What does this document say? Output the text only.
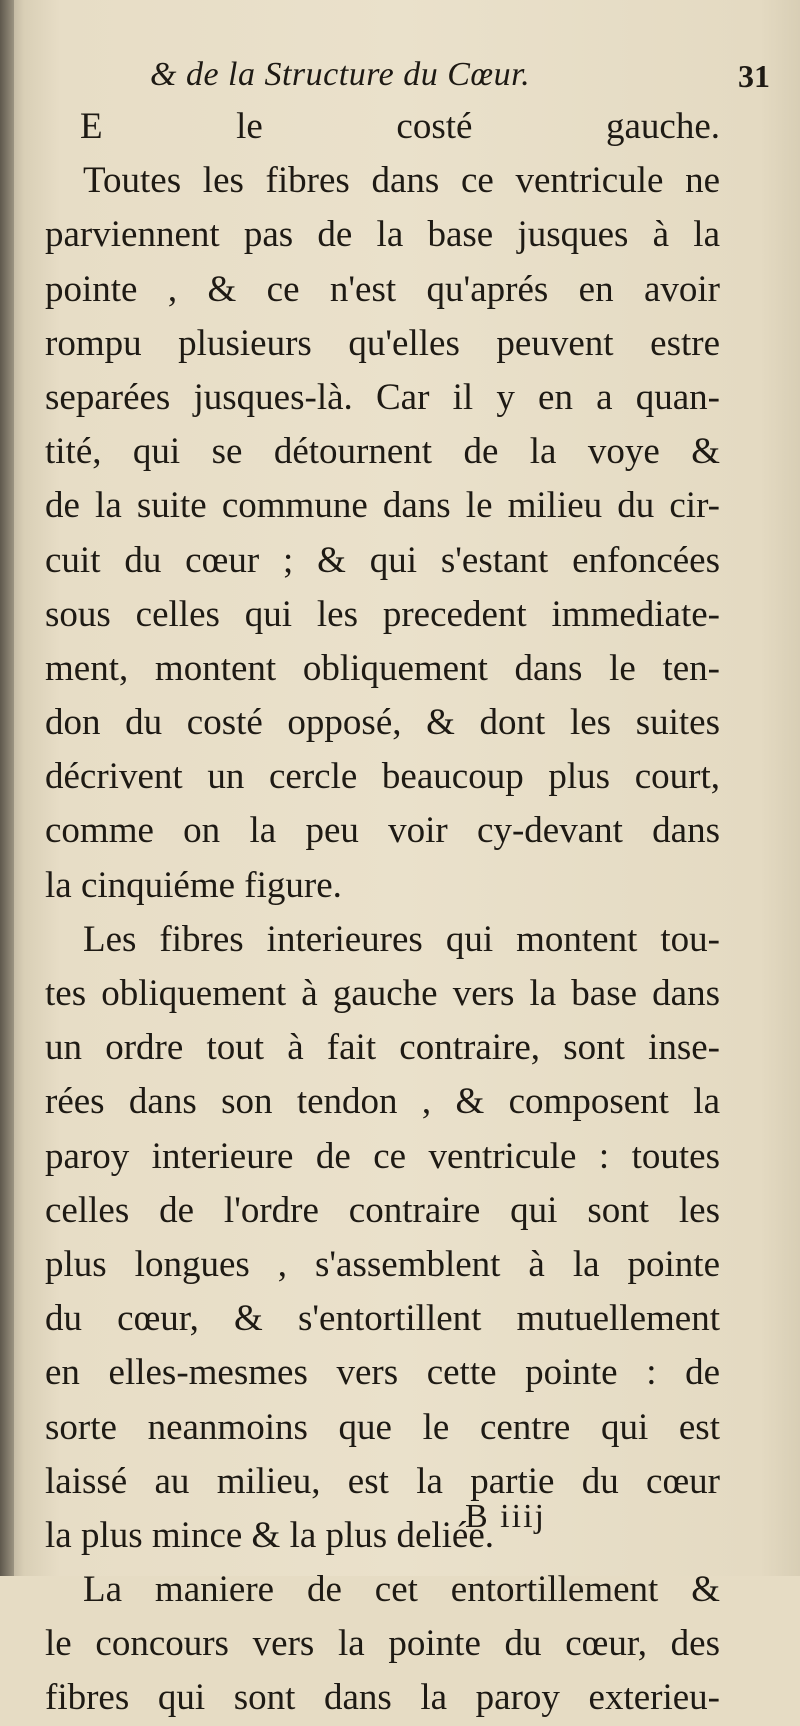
& de la Structure du Cœur.	31
E le costé gauche.
Toutes les fibres dans ce ventricule ne
parviennent pas de la base jusques à la
pointe , & ce n'est qu'aprés en avoir
rompu plusieurs qu'elles peuvent estre
separées jusques-là. Car il y en a quan-
tité, qui se détournent de la voye &
de la suite commune dans le milieu du cir-
cuit du cœur ; & qui s'estant enfoncées
sous celles qui les precedent immediate-
ment, montent obliquement dans le ten-
don du costé opposé, & dont les suites
décrivent un cercle beaucoup plus court,
comme on la peu voir cy-devant dans
la cinquiéme figure.
Les fibres interieures qui montent tou-
tes obliquement à gauche vers la base dans
un ordre tout à fait contraire, sont inse-
rées dans son tendon , & composent la
paroy interieure de ce ventricule : toutes
celles de l'ordre contraire qui sont les
plus longues , s'assemblent à la pointe
du cœur, & s'entortillent mutuellement
en elles-mesmes vers cette pointe : de
sorte neanmoins que le centre qui est
laissé au milieu, est la partie du cœur
la plus mince & la plus deliée.
La maniere de cet entortillement &
le concours vers la pointe du cœur, des
fibres qui sont dans la paroy exterieu-
B iiij
